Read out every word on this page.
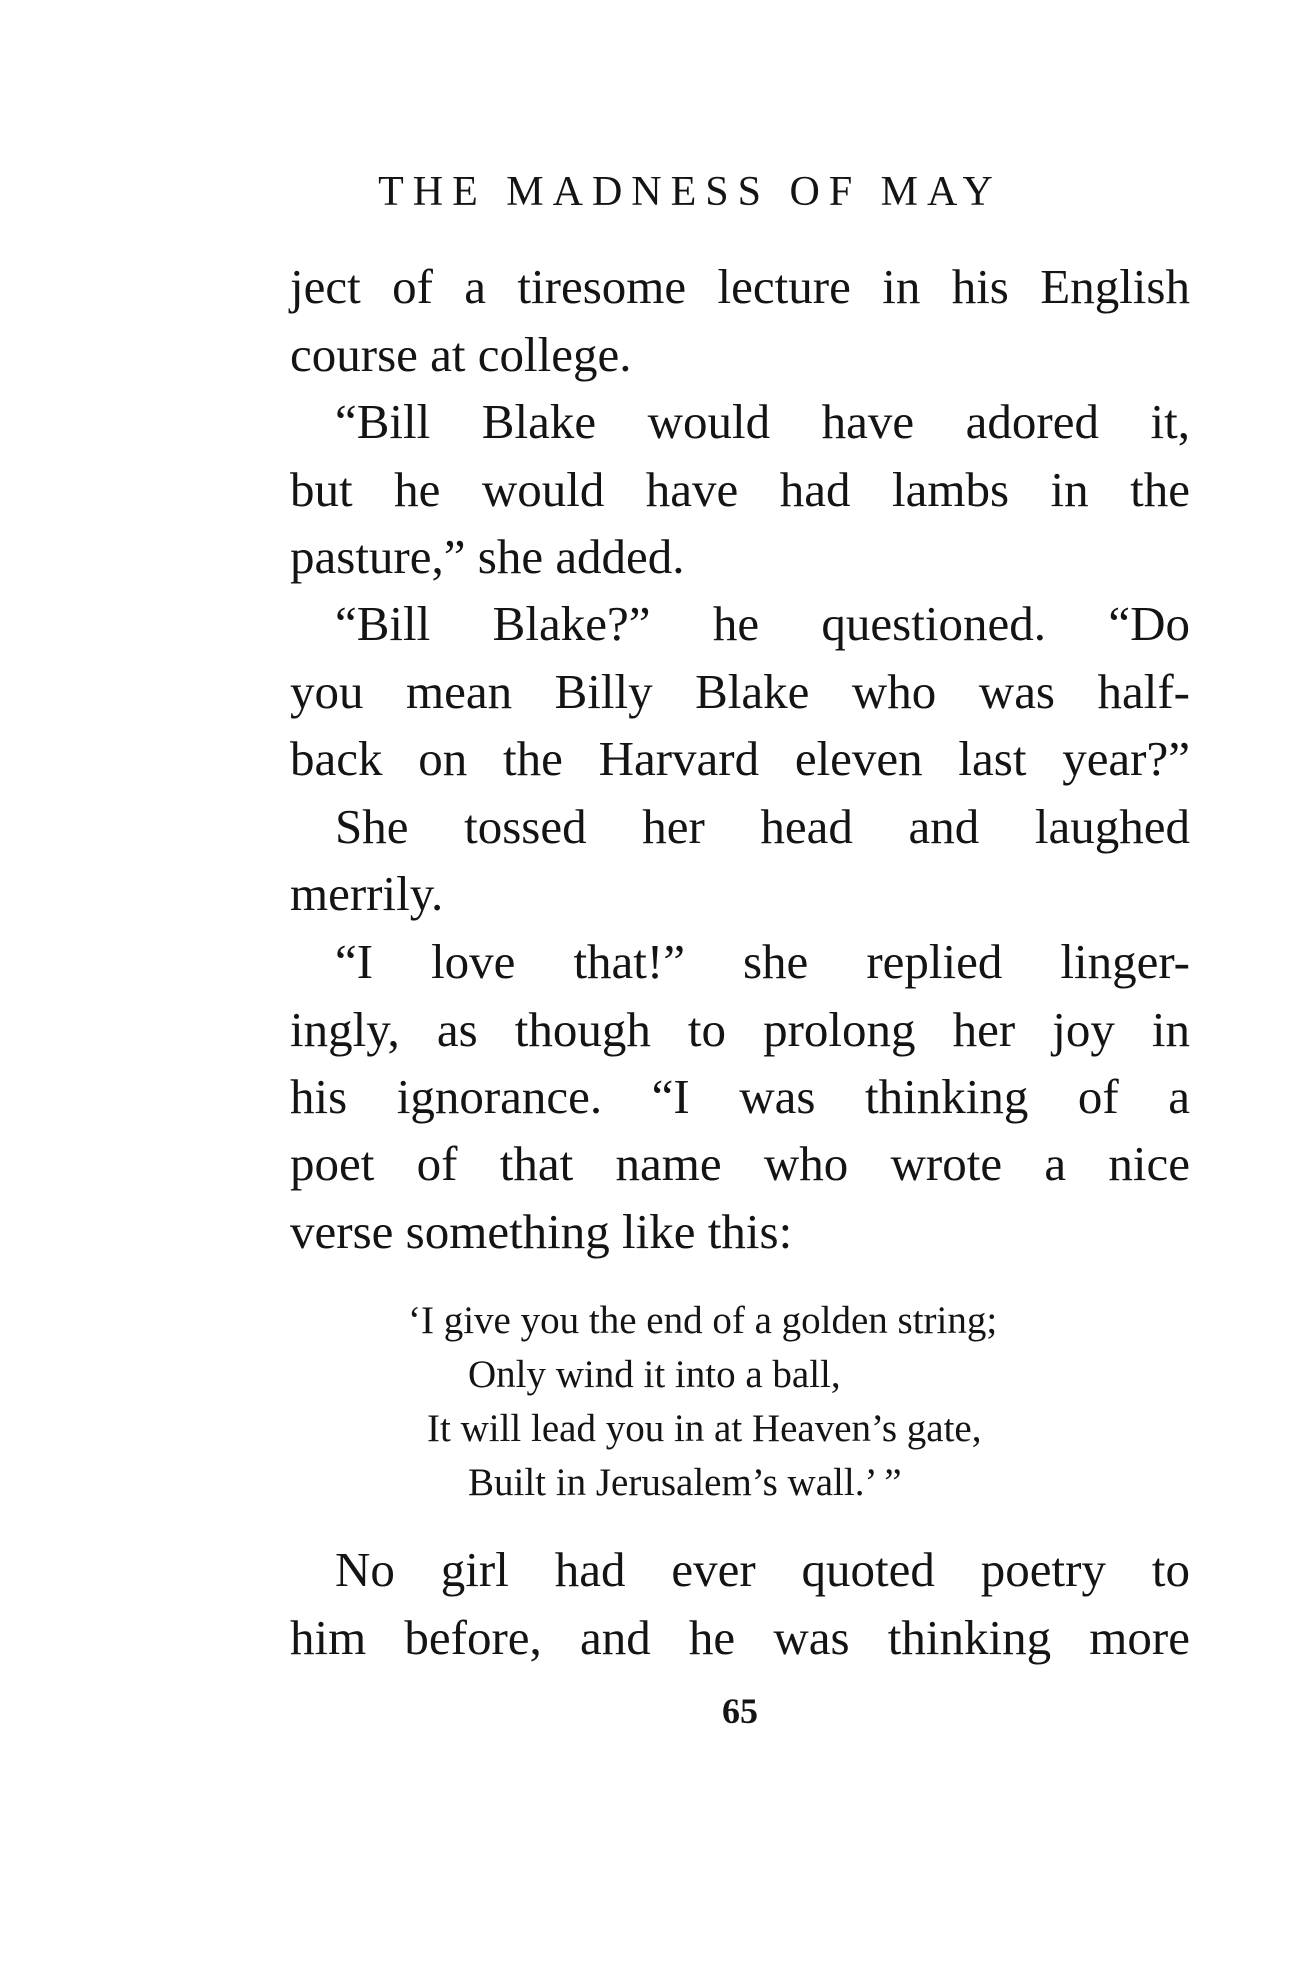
THE MADNESS OF MAY
ject of a tiresome lecture in his English
course at college.
“Bill Blake would have adored it,
but he would have had lambs in the
pasture,” she added.
“Bill Blake?” he questioned. “Do
you mean Billy Blake who was half-
back on the Harvard eleven last year?”
She tossed her head and laughed
merrily.
“I love that!” she replied linger-
ingly, as though to prolong her joy in
his ignorance. “I was thinking of a
poet of that name who wrote a nice
verse something like this:
‘I give you the end of a golden string;
Only wind it into a ball,
It will lead you in at Heaven’s gate,
Built in Jerusalem’s wall.’ ”
No girl had ever quoted poetry to
him before, and he was thinking more
65
